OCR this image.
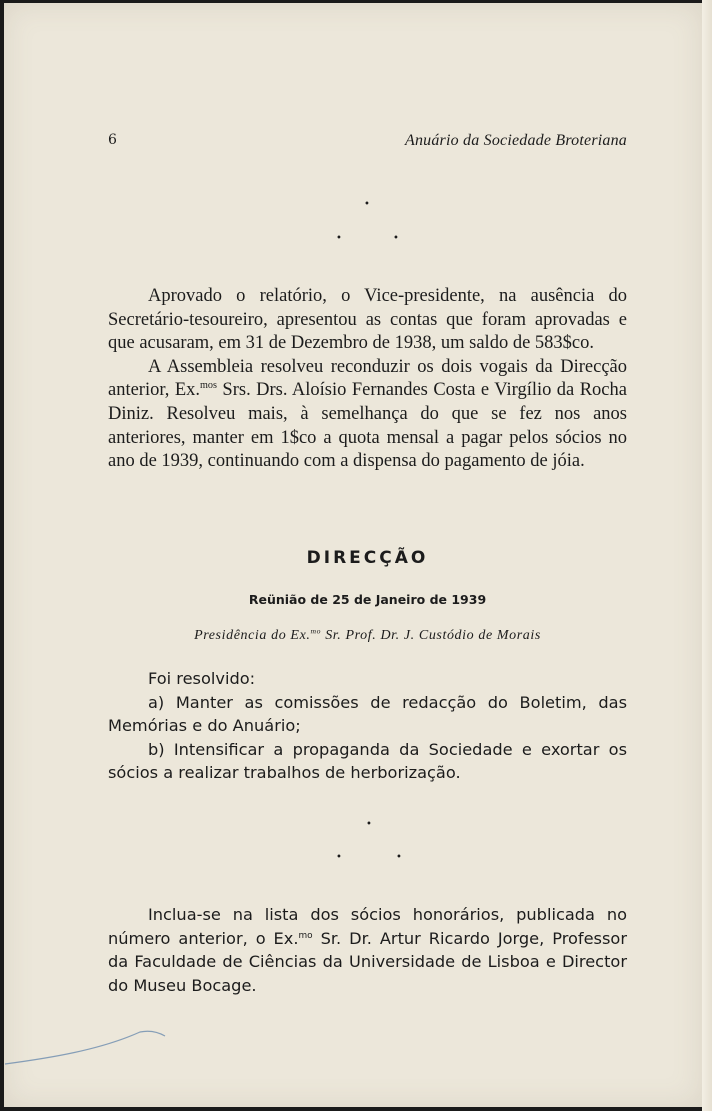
6	Anuário da Sociedade Broteriana
•
•	•

Aprovado o relatório, o Vice-presidente, na ausência do Secretário-tesoureiro, apresentou as contas que foram aprovadas e que acusaram, em 31 de Dezembro de 1938, um saldo de 583$co.

A Assembleia resolveu reconduzir os dois vogais da Direcção anterior, Ex.$^{mos}$ Srs. Drs. Aloísio Fernandes Costa e Virgílio da Rocha Diniz. Resolveu mais, à semelhança do que se fez nos anos anteriores, manter em 1$co a quota mensal a pagar pelos sócios no ano de 1939, continuando com a dispensa do pagamento de jóia.

DIRECÇÃO
Reünião de 25 de Janeiro de 1939
Presidência do Ex.$^{mo}$ Sr. Prof. Dr. J. Custódio de Morais

Foi resolvido:

a) Manter as comissões de redacção do Boletim, das Memórias e do Anuário;

b) Intensificar a propaganda da Sociedade e exortar os sócios a realizar trabalhos de herborização.

•
•	•

Inclua-se na lista dos sócios honorários, publicada no número anterior, o Ex.$^{mo}$ Sr. Dr. Artur Ricardo Jorge, Professor da Faculdade de Ciências da Universidade de Lisboa e Director do Museu Bocage.
